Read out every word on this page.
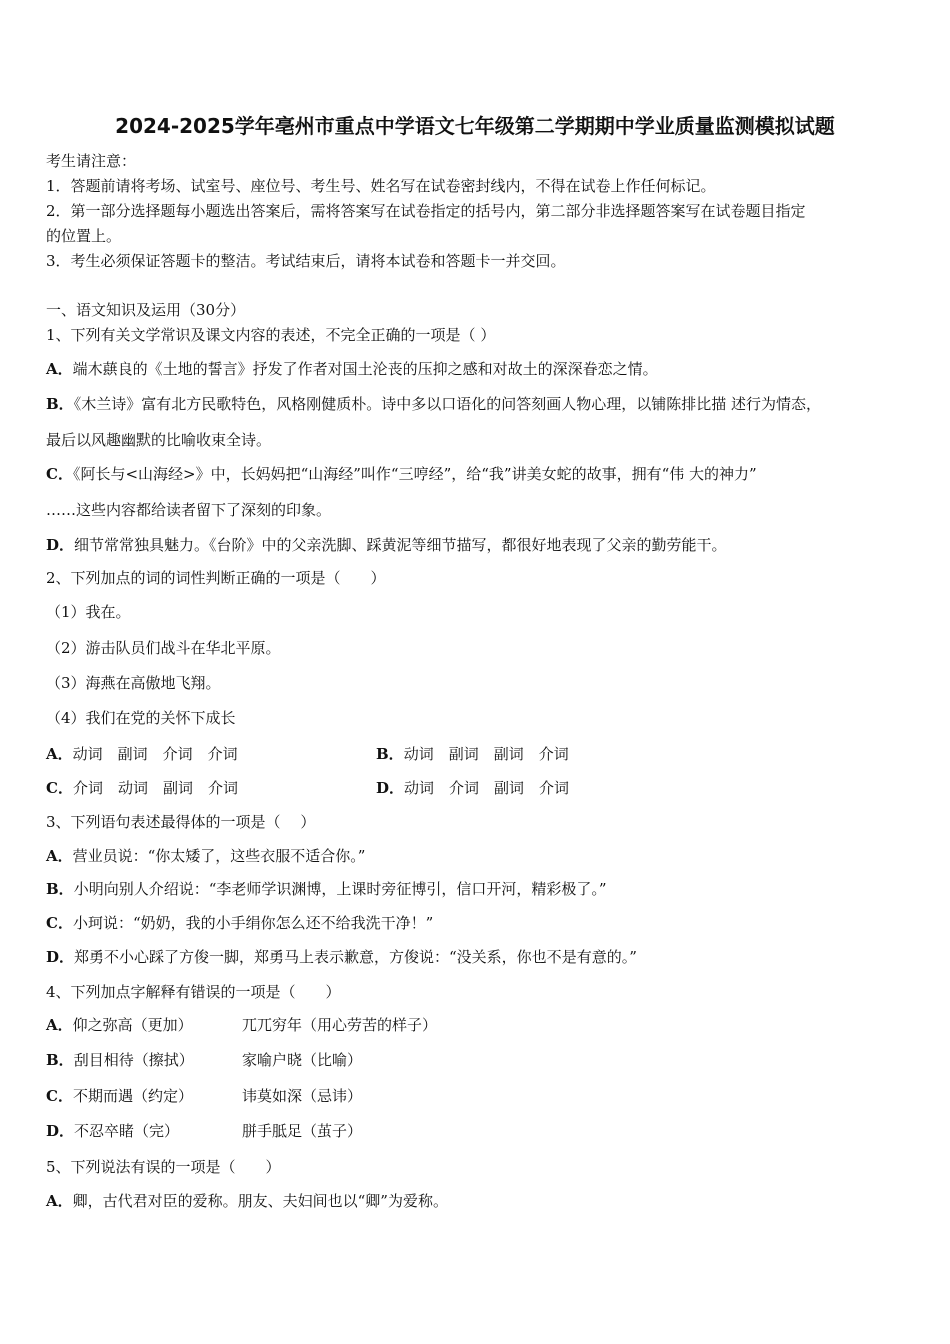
2024-2025学年亳州市重点中学语文七年级第二学期期中学业质量监测模拟试题
考生请注意：
1．答题前请将考场、试室号、座位号、考生号、姓名写在试卷密封线内，不得在试卷上作任何标记。
2．第一部分选择题每小题选出答案后，需将答案写在试卷指定的括号内，第二部分非选择题答案写在试卷题目指定
的位置上。
3．考生必须保证答题卡的整洁。考试结束后，请将本试卷和答题卡一并交回。
一、语文知识及运用（30分）
1、下列有关文学常识及课文内容的表述，不完全正确的一项是（ ）
A．端木蕻良的《土地的誓言》抒发了作者对国土沦丧的压抑之感和对故土的深深眷恋之情。
B．《木兰诗》富有北方民歌特色，风格刚健质朴。诗中多以口语化的问答刻画人物心理，以铺陈排比描 述行为情态，
最后以风趣幽默的比喻收束全诗。
C．《阿长与<山海经>》中，长妈妈把“山海经”叫作“三哼经”，给“我”讲美女蛇的故事，拥有“伟 大的神力”
……这些内容都给读者留下了深刻的印象。
D．细节常常独具魅力。《台阶》中的父亲洗脚、踩黄泥等细节描写，都很好地表现了父亲的勤劳能干。
2、下列加点的词的词性判断正确的一项是（　　）
（1）我在。
（2）游击队员们战斗在华北平原。
（3）海燕在高傲地飞翔。
（4）我们在党的关怀下成长
A．动词　副词　介词　介词	B．动词　副词　副词　介词
C．介词　动词　副词　介词	D．动词　介词　副词　介词
3、下列语句表述最得体的一项是（　 ）
A．营业员说：“你太矮了，这些衣服不适合你。”
B．小明向别人介绍说：“李老师学识渊博，上课时旁征博引，信口开河，精彩极了。”
C．小珂说：“奶奶，我的小手绢你怎么还不给我洗干净！”
D．郑勇不小心踩了方俊一脚，郑勇马上表示歉意，方俊说：“没关系，你也不是有意的。”
4、下列加点字解释有错误的一项是（　　）
A．仰之弥高（更加）	兀兀穷年（用心劳苦的样子）
B．刮目相待（擦拭）	家喻户晓（比喻）
C．不期而遇（约定）	讳莫如深（忌讳）
D．不忍卒睹（完）	胼手胝足（茧子）
5、下列说法有误的一项是（　　）
A．卿，古代君对臣的爱称。朋友、夫妇间也以“卿”为爱称。
